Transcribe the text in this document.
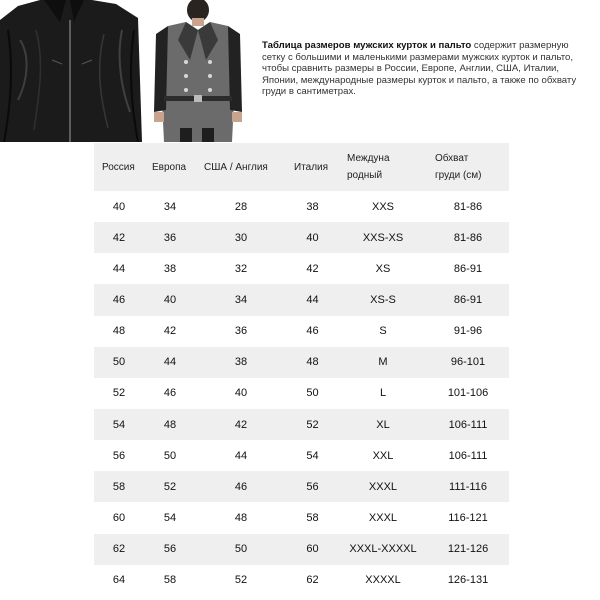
Таблица размеров мужских курток и пальто содержит размерную сетку с большими и маленькими размерами мужских курток и пальто, чтобы сравнить размеры в России, Европе, Англии, США, Италии, Японии, международные размеры курток и пальто, а также по обхвату груди в сантиметрах.
Россия	Европа	США / Англия	Италия	Междуна
родный	Обхват
груди (см)
40	34	28	38	XXS	81-86
42	36	30	40	XXS-XS	81-86
44	38	32	42	XS	86-91
46	40	34	44	XS-S	86-91
48	42	36	46	S	91-96
50	44	38	48	M	96-101
52	46	40	50	L	101-106
54	48	42	52	XL	106-111
56	50	44	54	XXL	106-111
58	52	46	56	XXXL	111-116
60	54	48	58	XXXL	116-121
62	56	50	60	XXXL-XXXXL	121-126
64	58	52	62	XXXXL	126-131
